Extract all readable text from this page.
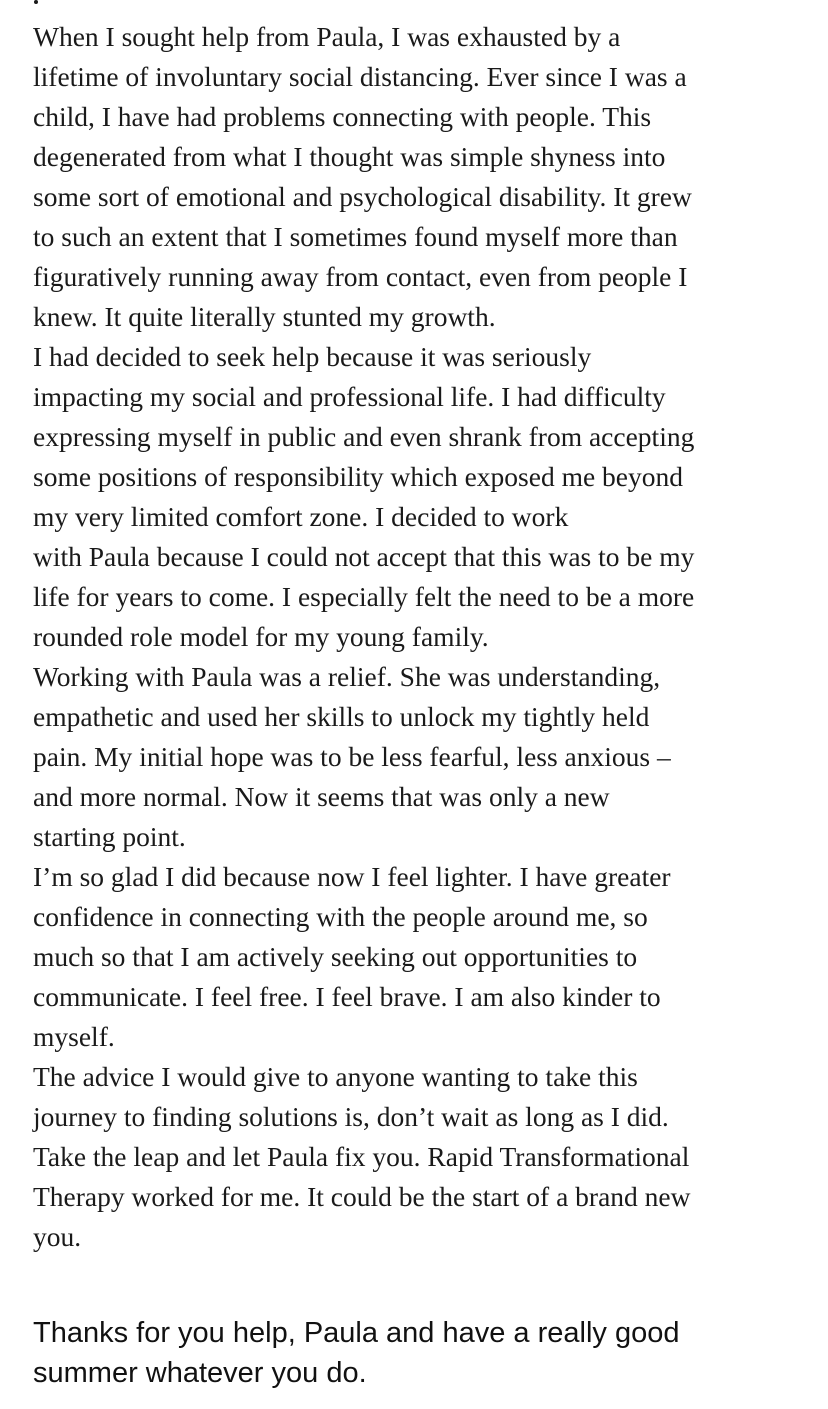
When I sought help from Paula, I was exhausted by a
lifetime of involuntary social distancing. Ever since I was a
child, I have had problems connecting with people. This
degenerated from what I thought was simple shyness into
some sort of emotional and psychological disability. It grew
to such an extent that I sometimes found myself more than
figuratively running away from contact, even from people I
knew. It quite literally stunted my growth.
I had decided to seek help because it was seriously
impacting my social and professional life. I had difficulty
expressing myself in public and even shrank from accepting
some positions of responsibility which exposed me beyond
my very limited comfort zone. I decided to work
with Paula because I could not accept that this was to be my
life for years to come. I especially felt the need to be a more
rounded role model for my young family.
Working with Paula was a relief. She was understanding,
empathetic and used her skills to unlock my tightly held
pain. My initial hope was to be less fearful, less anxious –
and more normal. Now it seems that was only a new
starting point.
I’m so glad I did because now I feel lighter. I have greater
confidence in connecting with the people around me, so
much so that I am actively seeking out opportunities to
communicate. I feel free. I feel brave. I am also kinder to
myself.
The advice I would give to anyone wanting to take this
journey to finding solutions is, don’t wait as long as I did.
Take the leap and let Paula fix you. Rapid Transformational
Therapy worked for me. It could be the start of a brand new
you.
Thanks for you help, Paula and have a really good
summer whatever you do.
